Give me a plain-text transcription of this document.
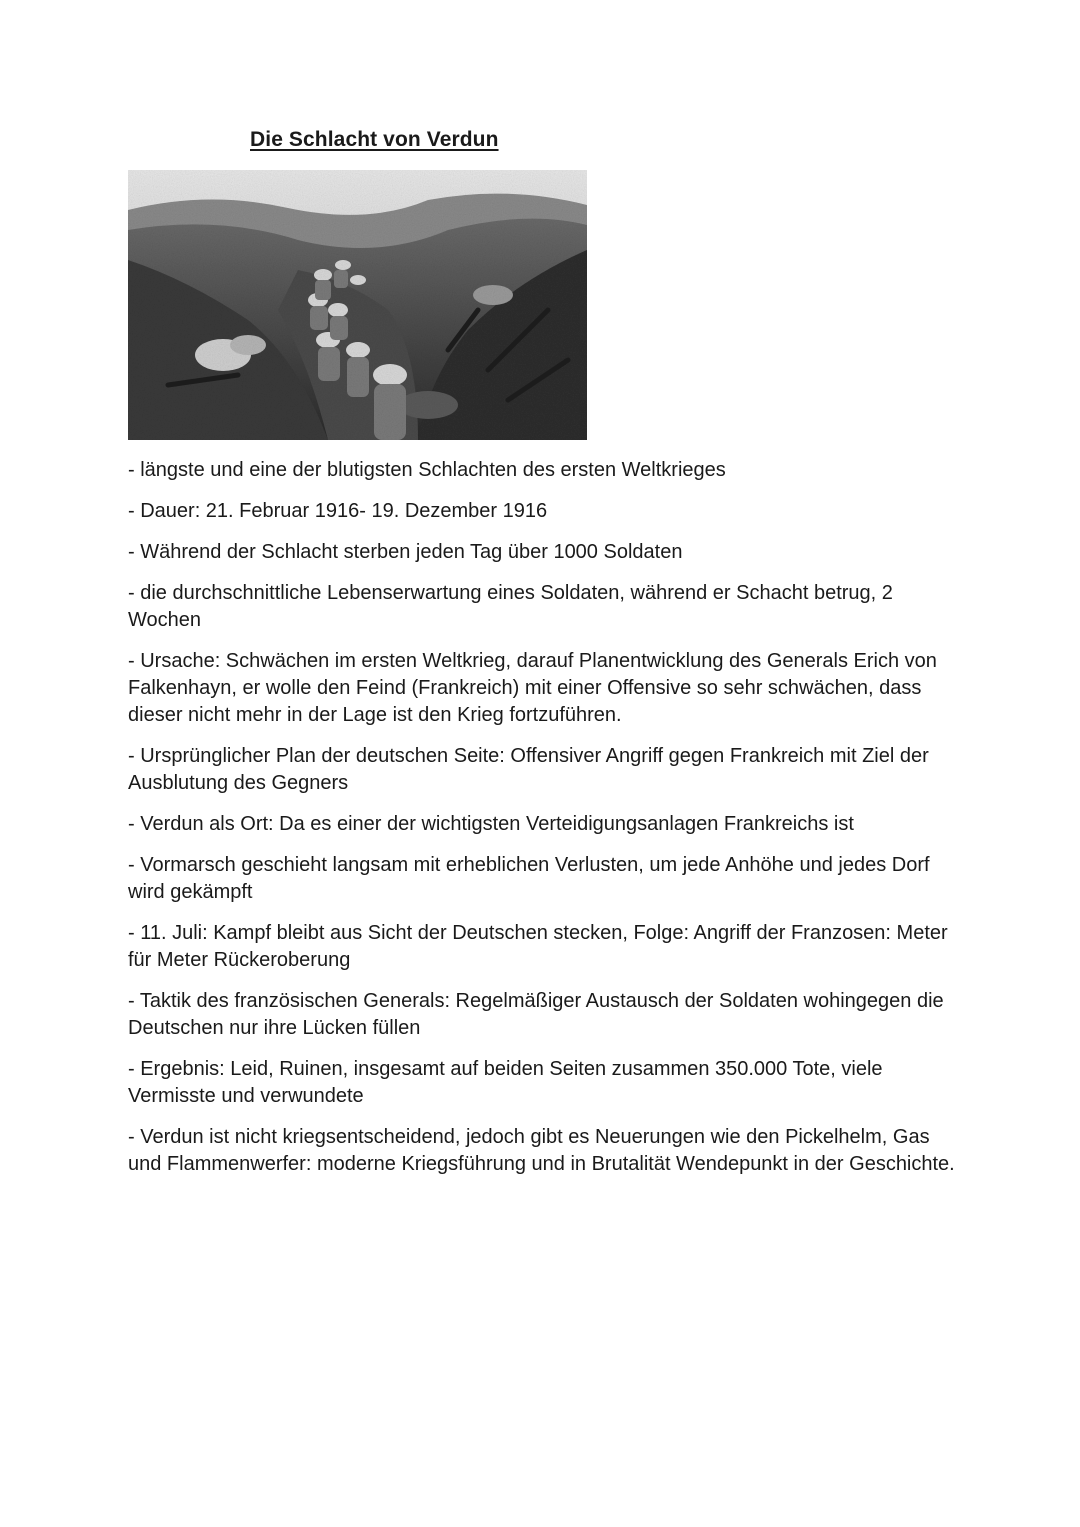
Die Schlacht von Verdun
- längste und eine der blutigsten Schlachten des ersten Weltkrieges
- Dauer: 21. Februar 1916- 19. Dezember 1916
- Während der Schlacht sterben jeden Tag über 1000 Soldaten
- die durchschnittliche Lebenserwartung eines Soldaten, während er Schacht betrug, 2 Wochen
- Ursache: Schwächen im ersten Weltkrieg, darauf Planentwicklung des Generals Erich von Falkenhayn, er wolle den Feind (Frankreich) mit einer Offensive so sehr schwächen, dass dieser nicht mehr in der Lage ist den Krieg fortzuführen.
- Ursprünglicher Plan der deutschen Seite: Offensiver Angriff gegen Frankreich mit Ziel der Ausblutung des Gegners
- Verdun als Ort: Da es einer der wichtigsten Verteidigungsanlagen Frankreichs ist
- Vormarsch geschieht langsam mit erheblichen Verlusten, um jede Anhöhe und jedes Dorf wird gekämpft
- 11. Juli: Kampf bleibt aus Sicht der Deutschen stecken, Folge: Angriff der Franzosen: Meter für Meter Rückeroberung
- Taktik des französischen Generals: Regelmäßiger Austausch der Soldaten wohingegen die Deutschen nur ihre Lücken füllen
- Ergebnis: Leid, Ruinen, insgesamt auf beiden Seiten zusammen 350.000 Tote, viele Vermisste und verwundete
- Verdun ist nicht kriegsentscheidend, jedoch gibt es Neuerungen wie den Pickelhelm, Gas und Flammenwerfer: moderne Kriegsführung und in Brutalität Wendepunkt in der Geschichte.
